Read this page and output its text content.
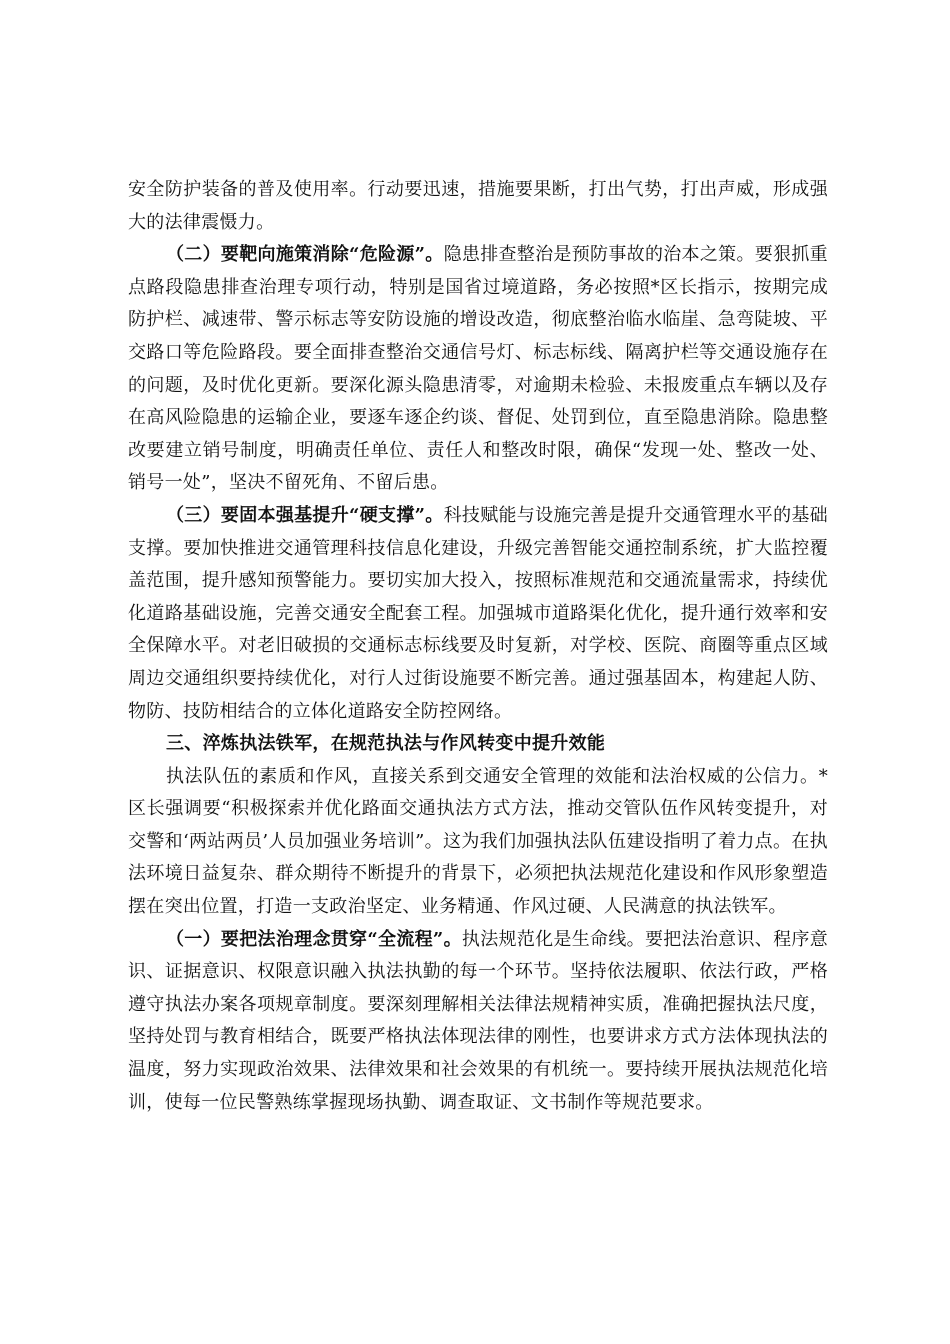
安全防护装备的普及使用率。行动要迅速，措施要果断，打出气势，打出声威，形成强大的法律震慑力。

（二）要靶向施策消除“危险源”。隐患排查整治是预防事故的治本之策。要狠抓重点路段隐患排查治理专项行动，特别是国省过境道路，务必按照*区长指示，按期完成防护栏、减速带、警示标志等安防设施的增设改造，彻底整治临水临崖、急弯陡坡、平交路口等危险路段。要全面排查整治交通信号灯、标志标线、隔离护栏等交通设施存在的问题，及时优化更新。要深化源头隐患清零，对逾期未检验、未报废重点车辆以及存在高风险隐患的运输企业，要逐车逐企约谈、督促、处罚到位，直至隐患消除。隐患整改要建立销号制度，明确责任单位、责任人和整改时限，确保“发现一处、整改一处、销号一处”，坚决不留死角、不留后患。

（三）要固本强基提升“硬支撑”。科技赋能与设施完善是提升交通管理水平的基础支撑。要加快推进交通管理科技信息化建设，升级完善智能交通控制系统，扩大监控覆盖范围，提升感知预警能力。要切实加大投入，按照标准规范和交通流量需求，持续优化道路基础设施，完善交通安全配套工程。加强城市道路渠化优化，提升通行效率和安全保障水平。对老旧破损的交通标志标线要及时复新，对学校、医院、商圈等重点区域周边交通组织要持续优化，对行人过街设施要不断完善。通过强基固本，构建起人防、物防、技防相结合的立体化道路安全防控网络。

三、淬炼执法铁军，在规范执法与作风转变中提升效能

执法队伍的素质和作风，直接关系到交通安全管理的效能和法治权威的公信力。*区长强调要“积极探索并优化路面交通执法方式方法，推动交管队伍作风转变提升，对交警和‘两站两员’人员加强业务培训”。这为我们加强执法队伍建设指明了着力点。在执法环境日益复杂、群众期待不断提升的背景下，必须把执法规范化建设和作风形象塑造摆在突出位置，打造一支政治坚定、业务精通、作风过硬、人民满意的执法铁军。

（一）要把法治理念贯穿“全流程”。执法规范化是生命线。要把法治意识、程序意识、证据意识、权限意识融入执法执勤的每一个环节。坚持依法履职、依法行政，严格遵守执法办案各项规章制度。要深刻理解相关法律法规精神实质，准确把握执法尺度，坚持处罚与教育相结合，既要严格执法体现法律的刚性，也要讲求方式方法体现执法的温度，努力实现政治效果、法律效果和社会效果的有机统一。要持续开展执法规范化培训，使每一位民警熟练掌握现场执勤、调查取证、文书制作等规范要求。
